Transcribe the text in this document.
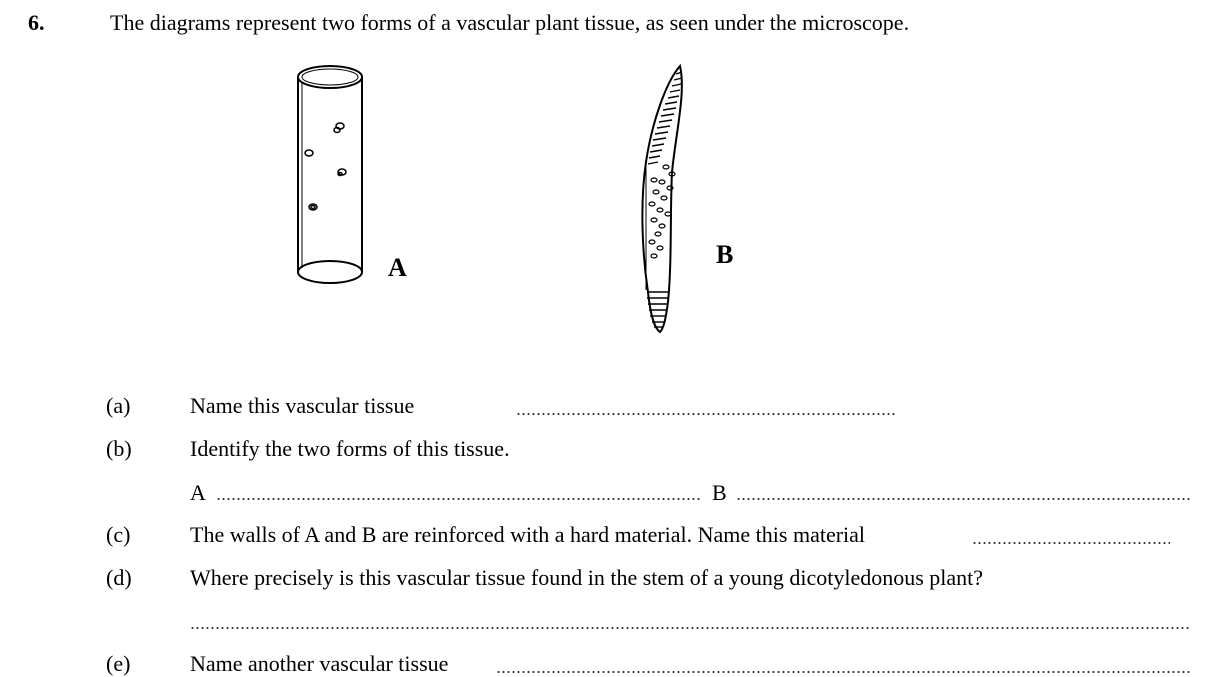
6.	The diagrams represent two forms of a vascular plant tissue, as seen under the microscope.
A	B
(a)	Name this vascular tissue
(b)	Identify the two forms of this tissue.
A	B
(c)	The walls of A and B are reinforced with a hard material. Name this material
(d)	Where precisely is this vascular tissue found in the stem of a young dicotyledonous plant?
(e)	Name another vascular tissue
